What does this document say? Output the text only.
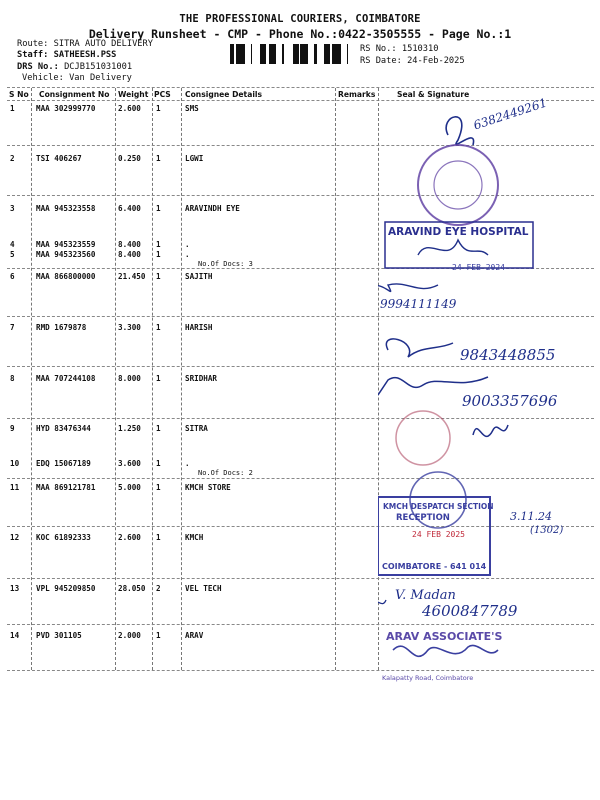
THE PROFESSIONAL COURIERS, COIMBATORE
Delivery Runsheet - CMP - Phone No.:0422-3505555 - Page No.:1
Route: SITRA AUTO DELIVERY
Staff: SATHEESH.PSS
DRS No.: DCJB151031001
Vehicle: Van Delivery
RS No.: 1510310
RS Date: 24-Feb-2025
S No Consignment No Weight PCS Consignee Details	Remarks	Seal & Signature
1	MAA 302999770	2.600 1	SMS
2	TSI 406267	0.250 1	LGWI
3	MAA 945323558	6.400 1	ARAVINDH EYE
4	MAA 945323559	8.400 1	.
5	MAA 945323560	8.400 1	.
No.Of Docs: 3
6	MAA 866800000	21.450 1	SAJITH
7	RMD 1679878	3.300 1	HARISH
8	MAA 707244108	8.000 1	SRIDHAR
9	HYD 83476344	1.250 1	SITRA
10 EDQ 15067189	3.600 1	.
No.Of Docs: 2
11 MAA 869121781	5.000 1	KMCH STORE
12 KOC 61892333	2.600 1	KMCH
13 VPL 945209850	28.050 2	VEL TECH
14 PVD 301105	2.000 1	ARAV
ARAVIND EYE HOSPITAL
24 FEB 2024
KMCH DESPATCH SECTION
RECEPTION
24 FEB 2025
COIMBATORE - 641 014
ARAV ASSOCIATE'S
Kalapatty Road, Coimbatore
6382449261
9994111149
9843448855
9003357696
3.11.24
(1302)
V. Madan
4600847789
